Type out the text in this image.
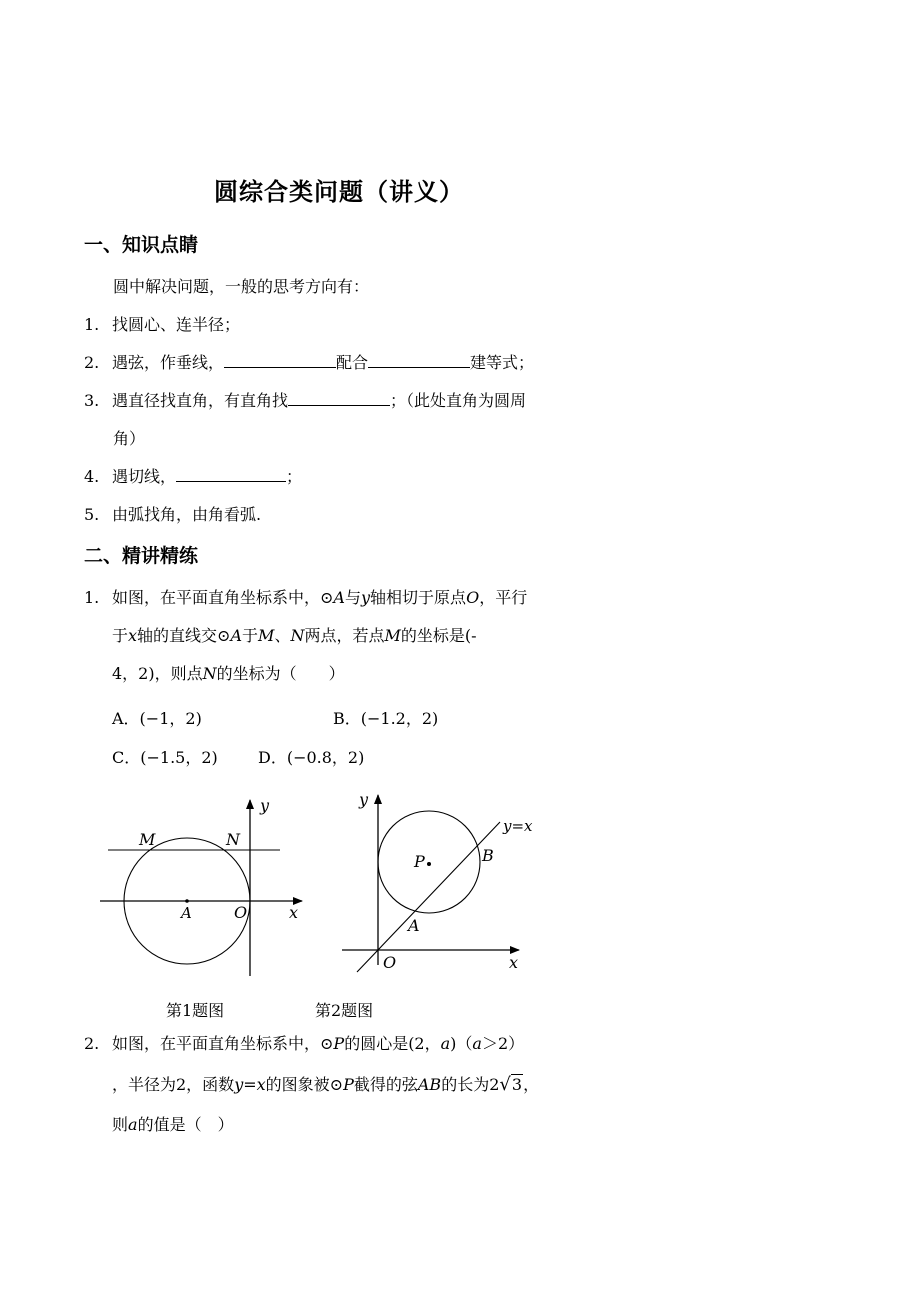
圆综合类问题（讲义）
一、知识点睛
圆中解决问题，一般的思考方向有：
1. 找圆心、连半径；
2. 遇弦，作垂线，	配合	建等式；
3. 遇直径找直角，有直角找	；（此处直角为圆周
角）
4. 遇切线，	；
5. 由弧找角，由角看弧.
二、精讲精练
1. 如图，在平面直角坐标系中，⊙A与y轴相切于原点O，平行
于x轴的直线交⊙A于M、N两点，若点M的坐标是(-
4，2)，则点N的坐标为（　　）
A．(−1，2)	B．(−1.2，2)
C．(−1.5，2)	D．(−0.8，2)
y
x
M	N
A	O
y
x
y=x
B
P
A
O
第1题图	第2题图
2. 如图，在平面直角坐标系中，⊙P的圆心是(2，a)（a＞2）
，半径为2，函数y=x的图象被⊙P截得的弦AB的长为2√3，
则a的值是（　）
